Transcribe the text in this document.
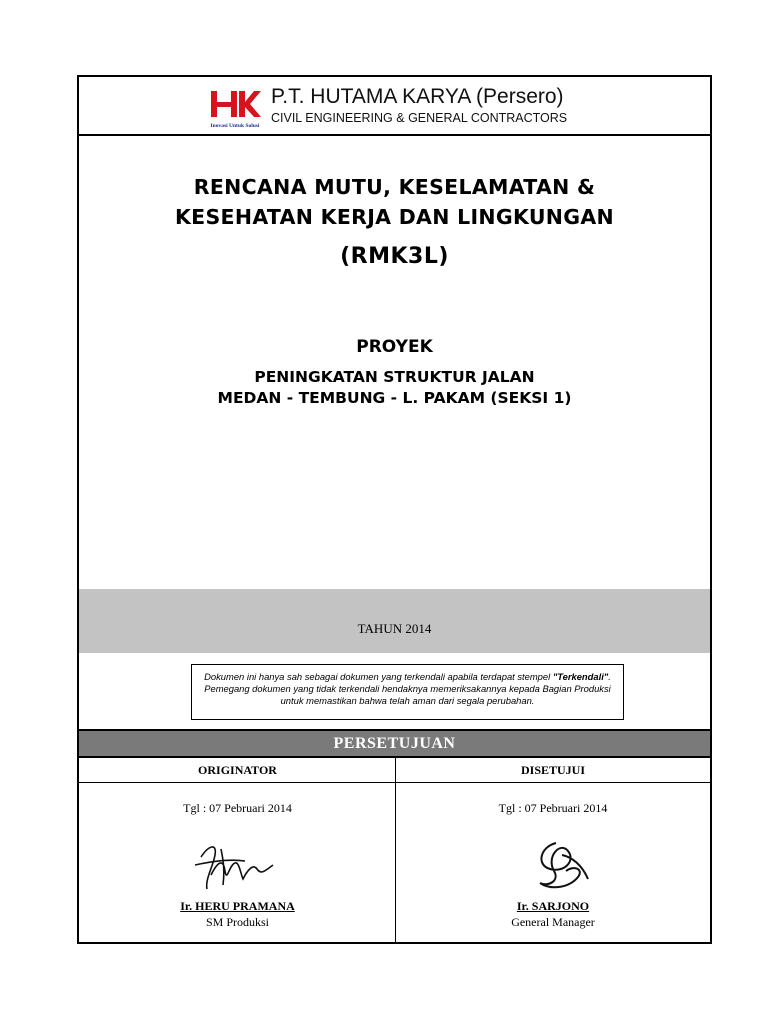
Inovasi Untuk Solusi
P.T. HUTAMA KARYA (Persero)
CIVIL ENGINEERING & GENERAL CONTRACTORS
RENCANA MUTU, KESELAMATAN &
KESEHATAN KERJA DAN LINGKUNGAN
(RMK3L)
PROYEK
PENINGKATAN STRUKTUR JALAN
MEDAN - TEMBUNG - L. PAKAM (SEKSI 1)
TAHUN 2014
Dokumen ini hanya sah sebagai dokumen yang terkendali apabila terdapat stempel "Terkendali".
Pemegang dokumen yang tidak terkendali hendaknya memeriksakannya kepada Bagian Produksi
untuk memastikan bahwa telah aman dari segala perubahan.
PERSETUJUAN
ORIGINATOR	DISETUJUI
Tgl : 07 Pebruari 2014	Tgl : 07 Pebruari 2014
Ir. HERU PRAMANA
SM Produksi
Ir. SARJONO
General Manager
